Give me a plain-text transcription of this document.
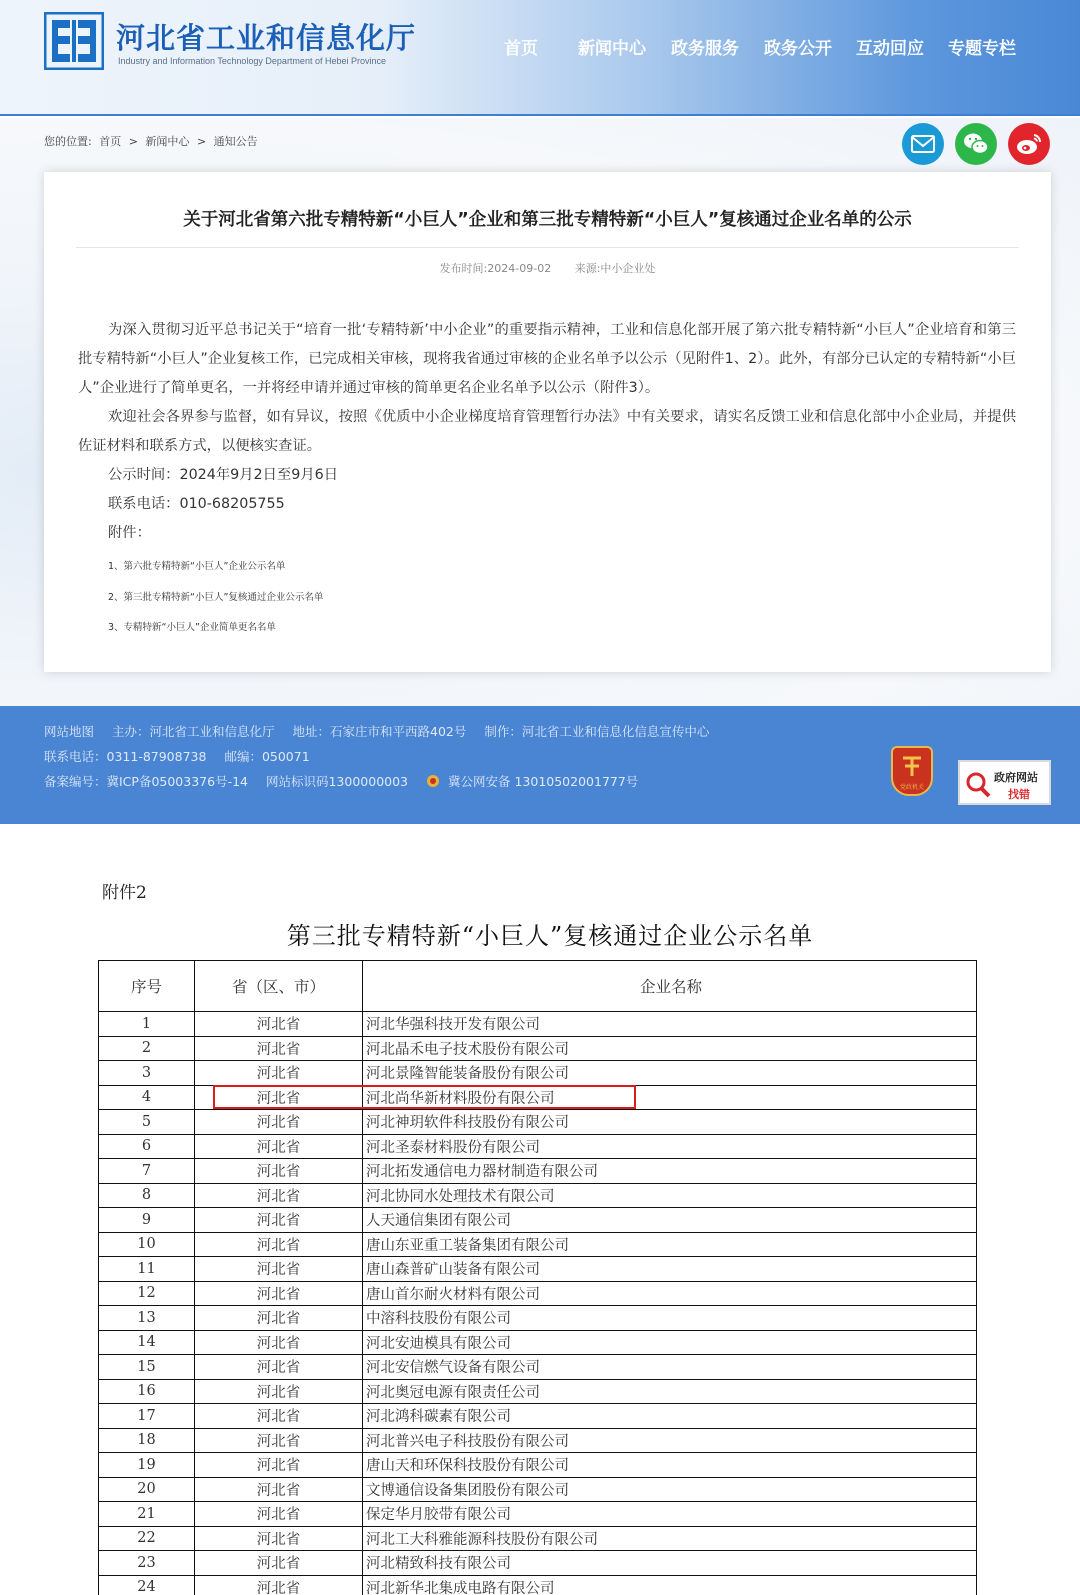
河北省工业和信息化厅
Industry and Information Technology Department of Hebei Province
首页 新闻中心 政务服务 政务公开 互动回应 专题专栏
您的位置: 首页 > 新闻中心 > 通知公告
关于河北省第六批专精特新“小巨人”企业和第三批专精特新“小巨人”复核通过企业名单的公示
发布时间:2024-09-02 来源:中小企业处

为深入贯彻习近平总书记关于“培育一批‘专精特新’中小企业”的重要指示精神，工业和信息化部开展了第六批专精特新“小巨人”企业培育和第三批专精特新“小巨人”企业复核工作，已完成相关审核，现将我省通过审核的企业名单予以公示（见附件1、2）。此外，有部分已认定的专精特新“小巨人”企业进行了简单更名，一并将经申请并通过审核的简单更名企业名单予以公示（附件3）。

欢迎社会各界参与监督，如有异议，按照《优质中小企业梯度培育管理暂行办法》中有关要求，请实名反馈工业和信息化部中小企业局，并提供佐证材料和联系方式，以便核实查证。

公示时间：2024年9月2日至9月6日
联系电话：010-68205755
附件：
1、第六批专精特新“小巨人”企业公示名单
2、第三批专精特新“小巨人”复核通过企业公示名单
3、专精特新“小巨人”企业简单更名名单
网站地图 主办：河北省工业和信息化厅 地址：石家庄市和平西路402号 制作：河北省工业和信息化信息宣传中心
联系电话：0311-87908738 邮编：050071
备案编号：冀ICP备05003376号-14 网站标识码1300000003	冀公网安备 13010502001777号	党政机关
政府网站
找错
附件2
第三批专精特新“小巨人”复核通过企业公示名单
序号	省（区、市）	企业名称
1	河北省	河北华强科技开发有限公司
2	河北省	河北晶禾电子技术股份有限公司
3	河北省	河北景隆智能装备股份有限公司
4	河北省	河北尚华新材料股份有限公司
5	河北省	河北神玥软件科技股份有限公司
6	河北省	河北圣泰材料股份有限公司
7	河北省	河北拓发通信电力器材制造有限公司
8	河北省	河北协同水处理技术有限公司
9	河北省	人天通信集团有限公司
10	河北省	唐山东亚重工装备集团有限公司
11	河北省	唐山森普矿山装备有限公司
12	河北省	唐山首尔耐火材料有限公司
13	河北省	中溶科技股份有限公司
14	河北省	河北安迪模具有限公司
15	河北省	河北安信燃气设备有限公司
16	河北省	河北奥冠电源有限责任公司
17	河北省	河北鸿科碳素有限公司
18	河北省	河北普兴电子科技股份有限公司
19	河北省	唐山天和环保科技股份有限公司
20	河北省	文博通信设备集团股份有限公司
21	河北省	保定华月胶带有限公司
22	河北省	河北工大科雅能源科技股份有限公司
23	河北省	河北精致科技有限公司
24	河北省	河北新华北集成电路有限公司
